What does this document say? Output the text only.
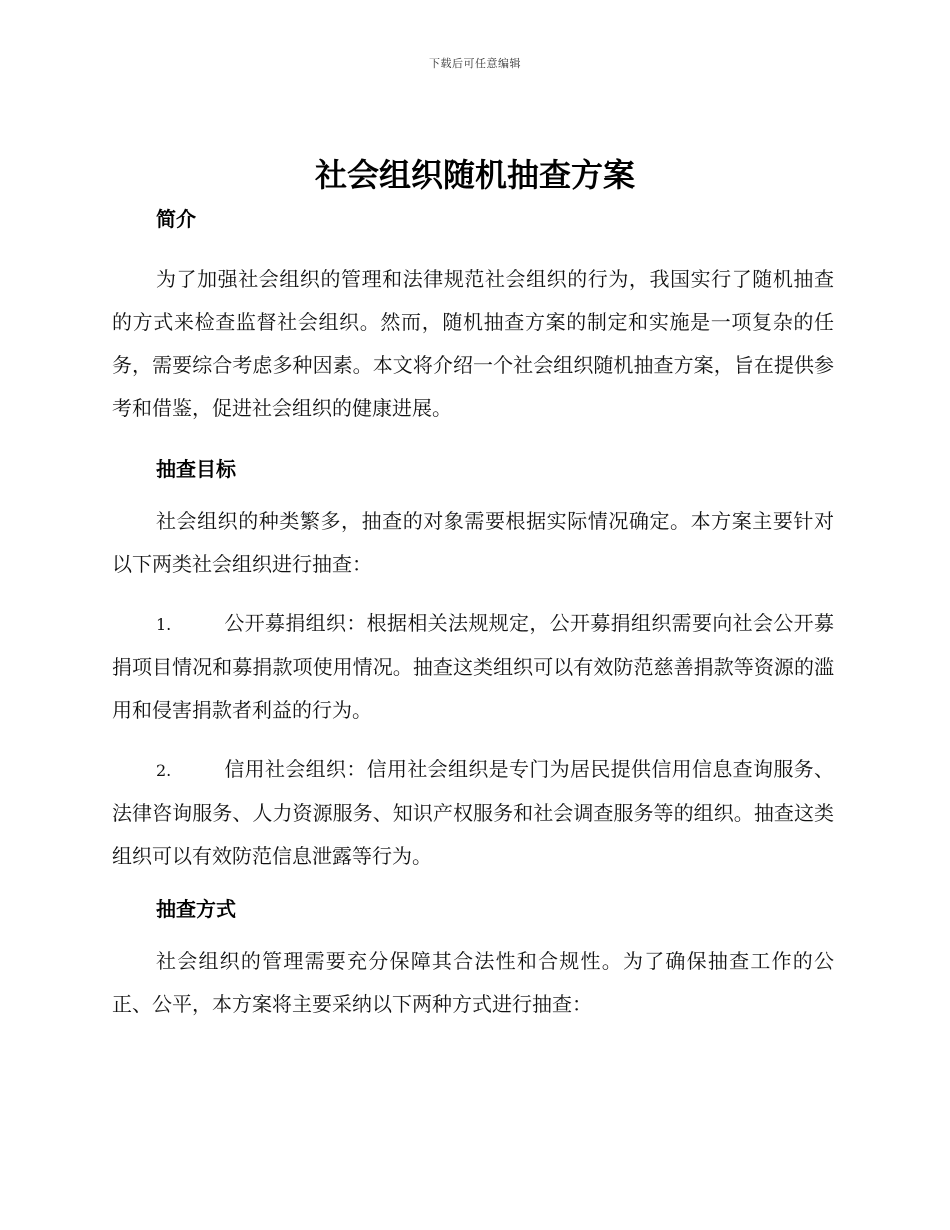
下载后可任意编辑
社会组织随机抽查方案

简介

为了加强社会组织的管理和法律规范社会组织的行为，我国实行了随机抽查的方式来检查监督社会组织。然而，随机抽查方案的制定和实施是一项复杂的任务，需要综合考虑多种因素。本文将介绍一个社会组织随机抽查方案，旨在提供参考和借鉴，促进社会组织的健康进展。

抽查目标

社会组织的种类繁多，抽查的对象需要根据实际情况确定。本方案主要针对以下两类社会组织进行抽查：

1.	公开募捐组织：根据相关法规规定，公开募捐组织需要向社会公开募捐项目情况和募捐款项使用情况。抽查这类组织可以有效防范慈善捐款等资源的滥用和侵害捐款者利益的行为。

2.	信用社会组织：信用社会组织是专门为居民提供信用信息查询服务、法律咨询服务、人力资源服务、知识产权服务和社会调查服务等的组织。抽查这类组织可以有效防范信息泄露等行为。

抽查方式

社会组织的管理需要充分保障其合法性和合规性。为了确保抽查工作的公正、公平，本方案将主要采纳以下两种方式进行抽查：
